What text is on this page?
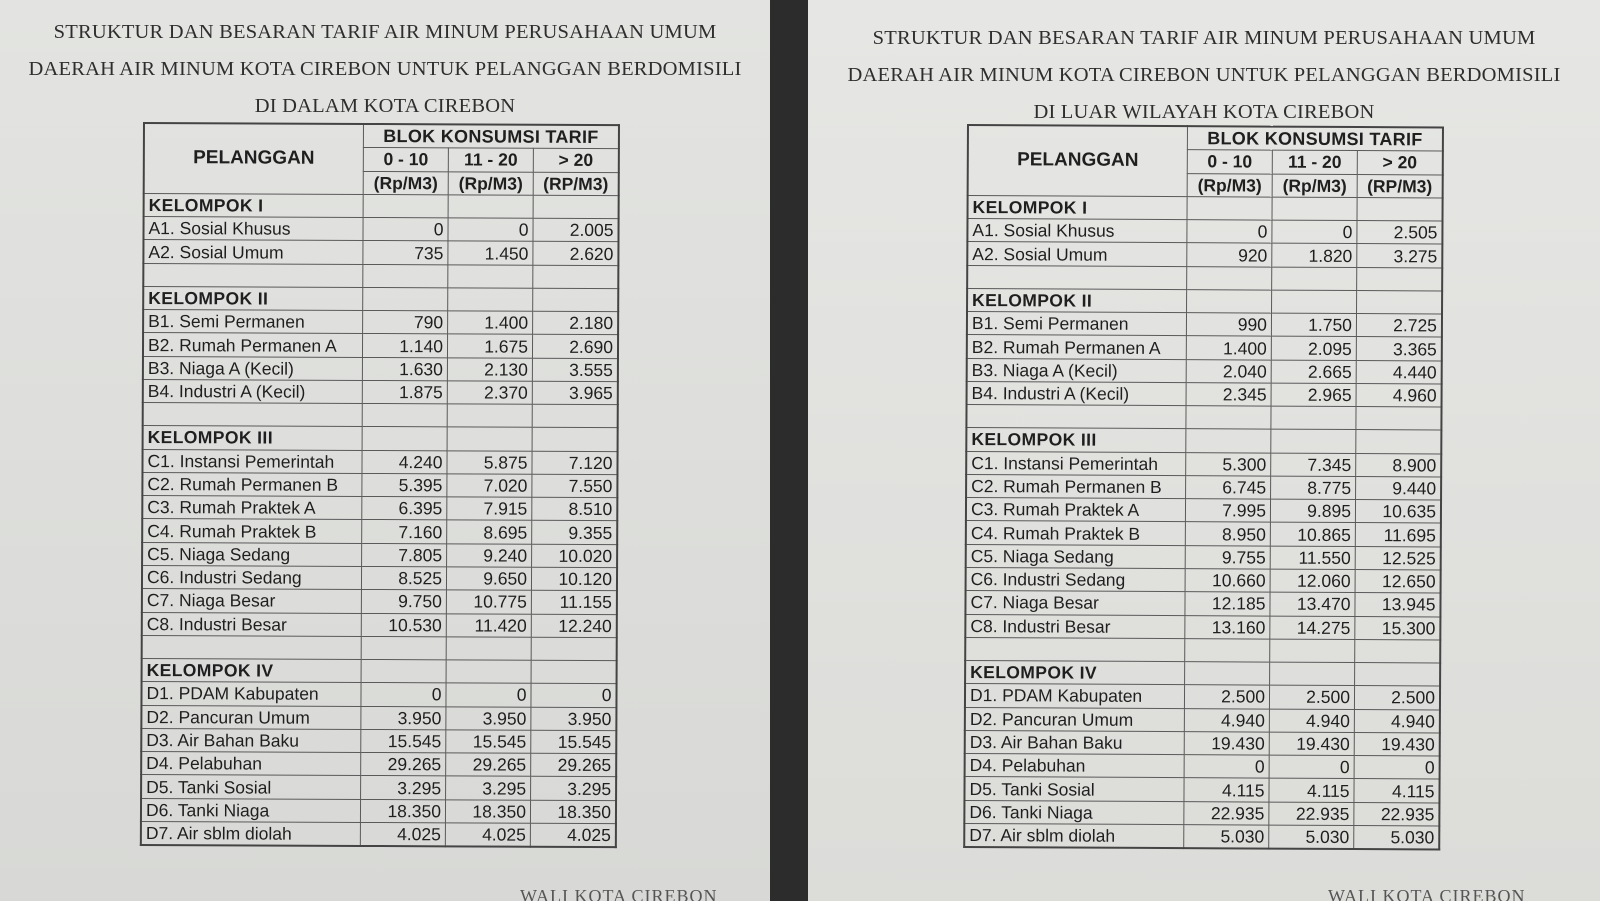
STRUKTUR DAN BESARAN TARIF AIR MINUM PERUSAHAAN UMUM
DAERAH AIR MINUM KOTA CIREBON UNTUK PELANGGAN BERDOMISILI
DI DALAM KOTA CIREBON
PELANGGAN	BLOK KONSUMSI TARIF		
	0 - 10	11 - 20	> 20
	(Rp/M3)	(Rp/M3)	(RP/M3)
KELOMPOK I			
A1. Sosial Khusus	0	0	2.005
A2. Sosial Umum	735	1.450	2.620

KELOMPOK II			
B1. Semi Permanen	790	1.400	2.180
B2. Rumah Permanen A	1.140	1.675	2.690
B3. Niaga A (Kecil)	1.630	2.130	3.555
B4. Industri A (Kecil)	1.875	2.370	3.965

KELOMPOK III			
C1. Instansi Pemerintah	4.240	5.875	7.120
C2. Rumah Permanen B	5.395	7.020	7.550
C3. Rumah Praktek A	6.395	7.915	8.510
C4. Rumah Praktek B	7.160	8.695	9.355
C5. Niaga Sedang	7.805	9.240	10.020
C6. Industri Sedang	8.525	9.650	10.120
C7. Niaga Besar	9.750	10.775	11.155
C8. Industri Besar	10.530	11.420	12.240

KELOMPOK IV			
D1. PDAM Kabupaten	0	0	0
D2. Pancuran Umum	3.950	3.950	3.950
D3. Air Bahan Baku	15.545	15.545	15.545
D4. Pelabuhan	29.265	29.265	29.265
D5. Tanki Sosial	3.295	3.295	3.295
D6. Tanki Niaga	18.350	18.350	18.350
D7. Air sblm diolah	4.025	4.025	4.025
WALI KOTA CIREBON
STRUKTUR DAN BESARAN TARIF AIR MINUM PERUSAHAAN UMUM
DAERAH AIR MINUM KOTA CIREBON UNTUK PELANGGAN BERDOMISILI
DI LUAR WILAYAH KOTA CIREBON
PELANGGAN	BLOK KONSUMSI TARIF		
	0 - 10	11 - 20	> 20
	(Rp/M3)	(Rp/M3)	(RP/M3)
KELOMPOK I			
A1. Sosial Khusus	0	0	2.505
A2. Sosial Umum	920	1.820	3.275

KELOMPOK II			
B1. Semi Permanen	990	1.750	2.725
B2. Rumah Permanen A	1.400	2.095	3.365
B3. Niaga A (Kecil)	2.040	2.665	4.440
B4. Industri A (Kecil)	2.345	2.965	4.960

KELOMPOK III			
C1. Instansi Pemerintah	5.300	7.345	8.900
C2. Rumah Permanen B	6.745	8.775	9.440
C3. Rumah Praktek A	7.995	9.895	10.635
C4. Rumah Praktek B	8.950	10.865	11.695
C5. Niaga Sedang	9.755	11.550	12.525
C6. Industri Sedang	10.660	12.060	12.650
C7. Niaga Besar	12.185	13.470	13.945
C8. Industri Besar	13.160	14.275	15.300

KELOMPOK IV			
D1. PDAM Kabupaten	2.500	2.500	2.500
D2. Pancuran Umum	4.940	4.940	4.940
D3. Air Bahan Baku	19.430	19.430	19.430
D4. Pelabuhan	0	0	0
D5. Tanki Sosial	4.115	4.115	4.115
D6. Tanki Niaga	22.935	22.935	22.935
D7. Air sblm diolah	5.030	5.030	5.030
WALI KOTA CIREBON
